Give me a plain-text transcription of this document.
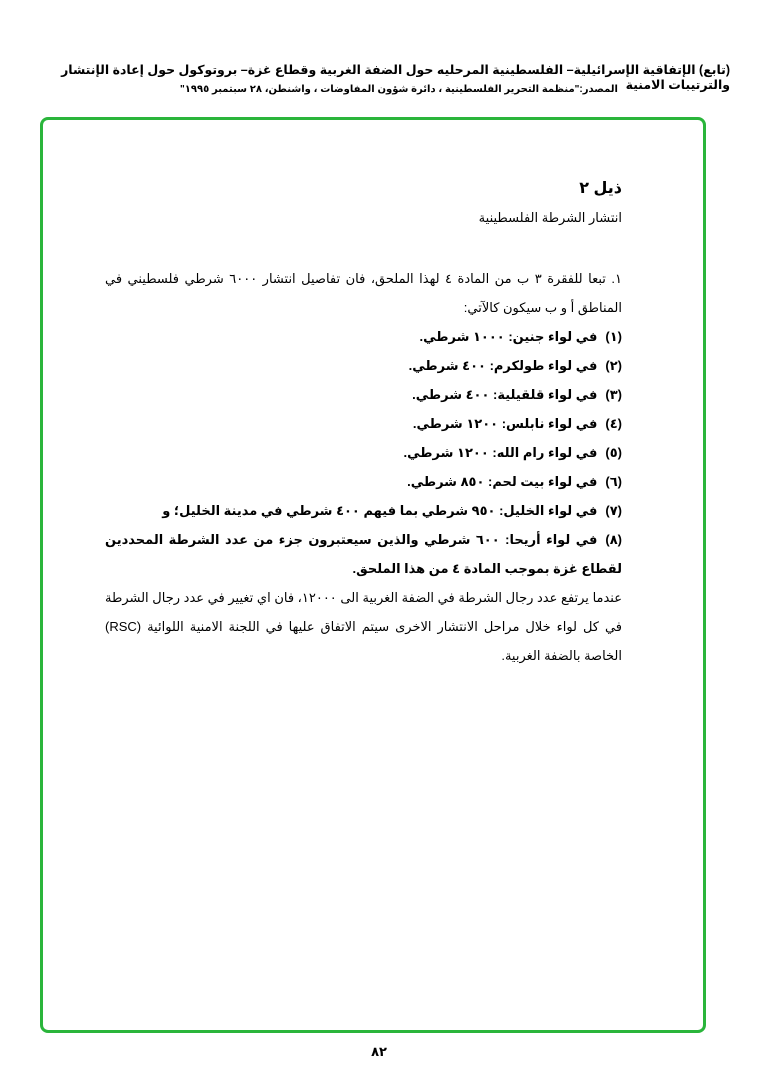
(تابع) الإتفاقية الإسرائيلية– الفلسطينية المرحليه حول الضفة الغربية وقطاع غزة– بروتوكول حول إعادة الإنتشار والترتيبات الامنية
المصدر:"منظمة التحرير الفلسطينية ، دائرة شؤون المفاوضات ، واشنطن، ٢٨ سبتمبر ١٩٩٥"
ذيل ٢
انتشار الشرطة الفلسطينية
١. تبعا للفقرة ٣ ب من المادة ٤ لهذا الملحق، فان تفاصيل انتشار ٦٠٠٠ شرطي فلسطيني في المناطق أ و ب سيكون كالآتي:
(١)في لواء جنين: ١٠٠٠ شرطي.
(٢)في لواء طولكرم: ٤٠٠ شرطي.
(٣)في لواء قلقيلية: ٤٠٠ شرطي.
(٤)في لواء نابلس: ١٢٠٠ شرطي.
(٥)في لواء رام الله: ١٢٠٠ شرطي.
(٦)في لواء بيت لحم: ٨٥٠ شرطي.
(٧)في لواء الخليل: ٩٥٠ شرطي بما فيهم ٤٠٠ شرطي في مدينة الخليل؛ و
(٨)في لواء أريحا: ٦٠٠ شرطي والذين سيعتبرون جزء من عدد الشرطة المحددين لقطاع غزة بموجب المادة ٤ من هذا الملحق.
عندما يرتفع عدد رجال الشرطة في الضفة الغربية الى ١٢٠٠٠، فان اي تغيير في عدد رجال الشرطة في كل لواء خلال مراحل الانتشار الاخرى سيتم الاتفاق عليها في اللجنة الامنية اللوائية (RSC) الخاصة بالضفة الغربية.
٨٢
